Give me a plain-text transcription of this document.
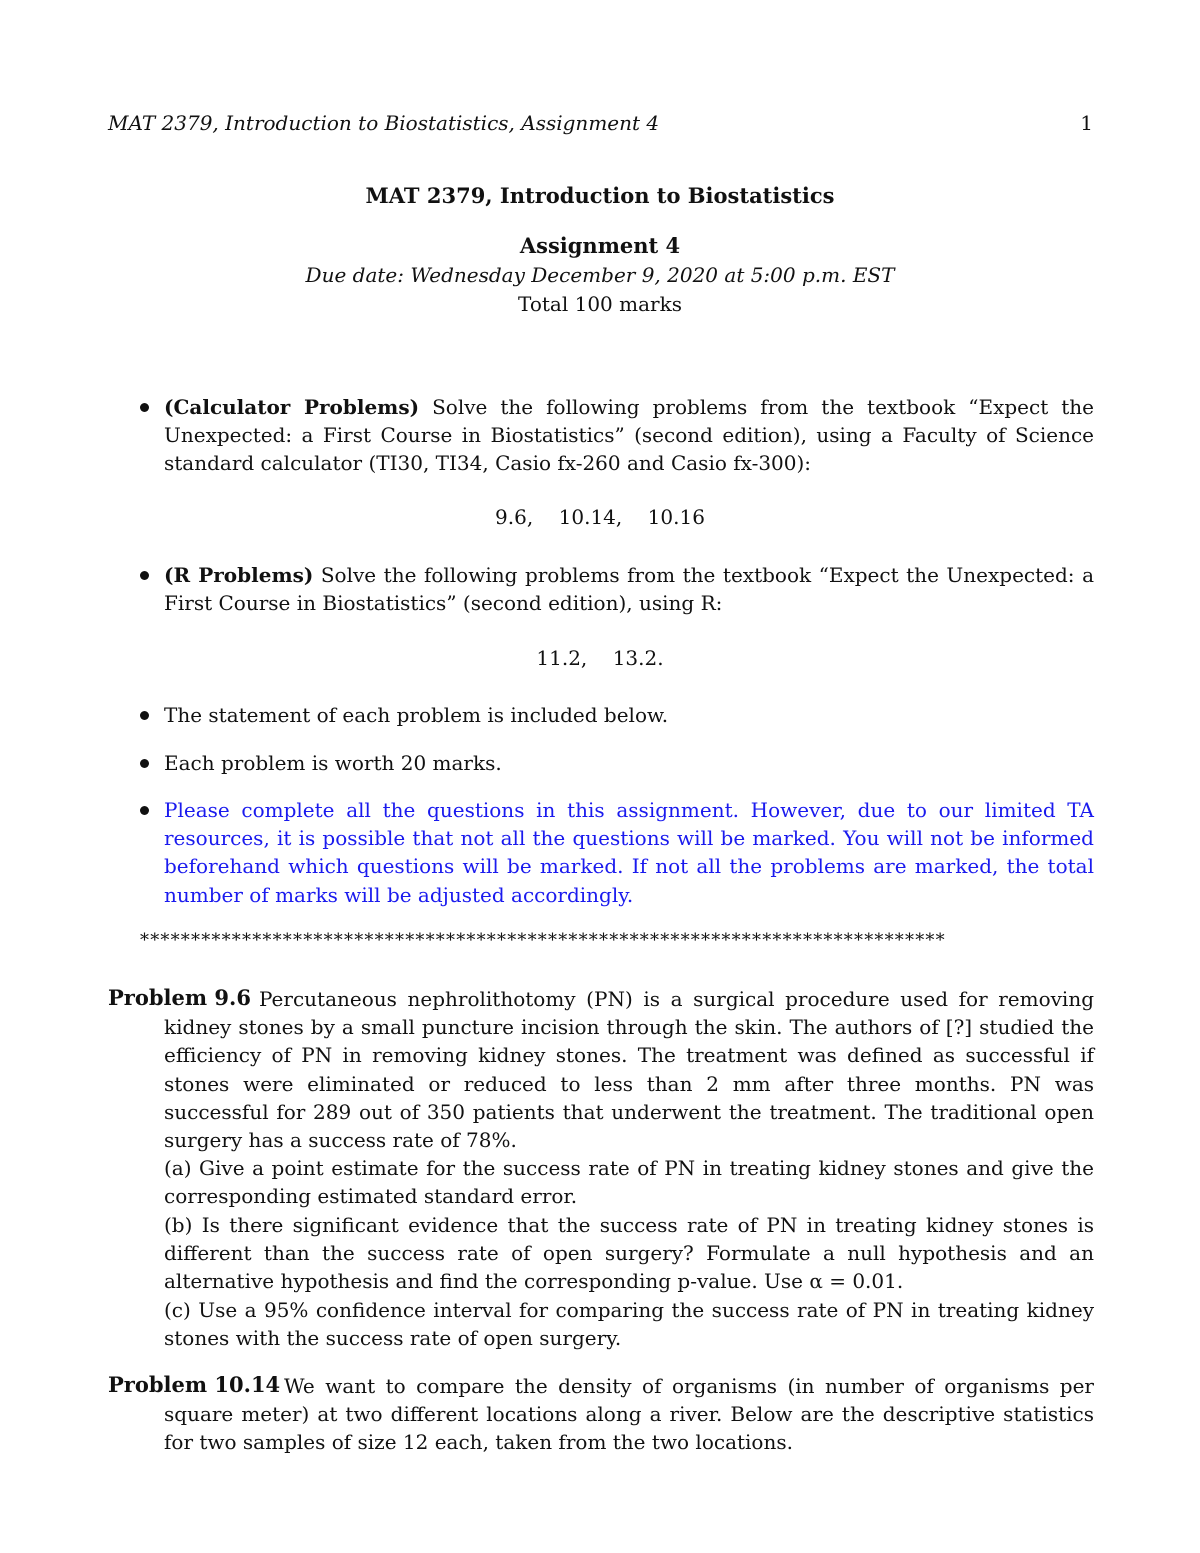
MAT 2379, Introduction to Biostatistics, Assignment 4	1
MAT 2379, Introduction to Biostatistics
Assignment 4
Due date: Wednesday December 9, 2020 at 5:00 p.m. EST
Total 100 marks
(Calculator Problems) Solve the following problems from the textbook “Expect the Unexpected: a First Course in Biostatistics” (second edition), using a Faculty of Science standard calculator (TI30, TI34, Casio fx-260 and Casio fx-300):
9.6,    10.14,    10.16
(R Problems) Solve the following problems from the textbook “Expect the Unexpected: a First Course in Biostatistics” (second edition), using R:
11.2,    13.2.
The statement of each problem is included below.
Each problem is worth 20 marks.
Please complete all the questions in this assignment. However, due to our limited TA resources, it is possible that not all the questions will be marked. You will not be informed beforehand which questions will be marked. If not all the problems are marked, the total number of marks will be adjusted accordingly.
*******************************************************************************
Problem 9.6 Percutaneous nephrolithotomy (PN) is a surgical procedure used for removing kidney stones by a small puncture incision through the skin. The authors of [?] studied the efficiency of PN in removing kidney stones. The treatment was defined as successful if stones were eliminated or reduced to less than 2 mm after three months. PN was successful for 289 out of 350 patients that underwent the treatment. The traditional open surgery has a success rate of 78%.
(a) Give a point estimate for the success rate of PN in treating kidney stones and give the corresponding estimated standard error.
(b) Is there significant evidence that the success rate of PN in treating kidney stones is different than the success rate of open surgery? Formulate a null hypothesis and an alternative hypothesis and find the corresponding p-value. Use α = 0.01.
(c) Use a 95% confidence interval for comparing the success rate of PN in treating kidney stones with the success rate of open surgery.
Problem 10.14 We want to compare the density of organisms (in number of organisms per square meter) at two different locations along a river. Below are the descriptive statistics for two samples of size 12 each, taken from the two locations.
